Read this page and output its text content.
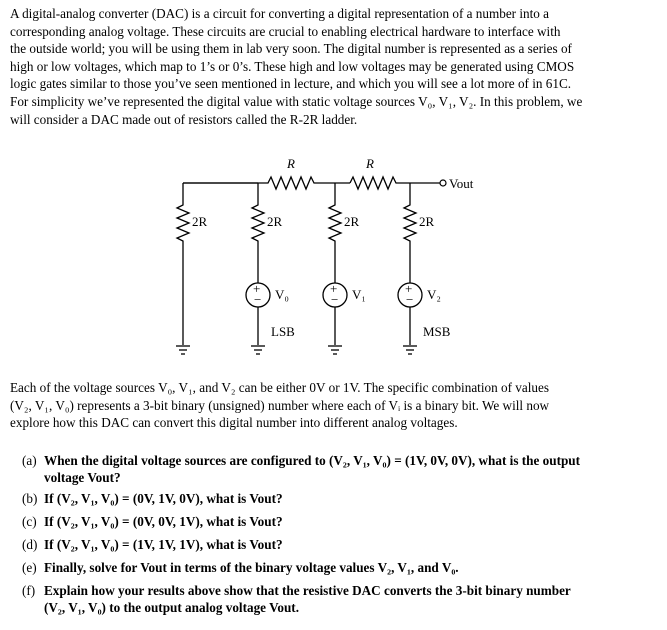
A digital-analog converter (DAC) is a circuit for converting a digital representation of a number into a
corresponding analog voltage. These circuits are crucial to enabling electrical hardware to interface with
the outside world; you will be using them in lab very soon. The digital number is represented as a series of
high or low voltages, which map to 1’s or 0’s. These high and low voltages may be generated using CMOS
logic gates similar to those you’ve seen mentioned in lecture, and which you will see a lot more of in 61C.
For simplicity we’ve represented the digital value with static voltage sources V₀, V₁, V₂. In this problem, we
will consider a DAC made out of resistors called the R-2R ladder.
+
−
+
−
+
−
R	R
2R	2R	2R	2R
V₀	V₁	V₂
Vout
LSB	MSB
Each of the voltage sources V₀, V₁, and V₂ can be either 0V or 1V. The specific combination of values
(V₂, V₁, V₀) represents a 3-bit binary (unsigned) number where each of Vᵢ is a binary bit. We will now
explore how this DAC can convert this digital number into different analog voltages.
(a) When the digital voltage sources are configured to (V₂, V₁, V₀) = (1V, 0V, 0V), what is the output
voltage Vout?
(b) If (V₂, V₁, V₀) = (0V, 1V, 0V), what is Vout?
(c) If (V₂, V₁, V₀) = (0V, 0V, 1V), what is Vout?
(d) If (V₂, V₁, V₀) = (1V, 1V, 1V), what is Vout?
(e) Finally, solve for Vout in terms of the binary voltage values V₂, V₁, and V₀.
(f) Explain how your results above show that the resistive DAC converts the 3-bit binary number
(V₂, V₁, V₀) to the output analog voltage Vout.
